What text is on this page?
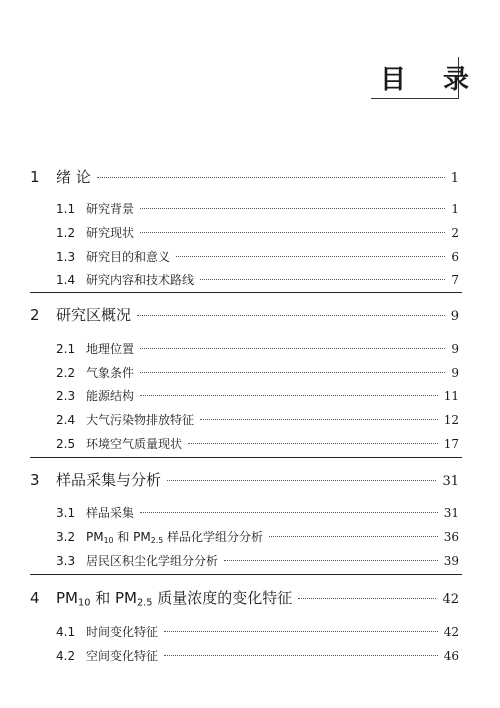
目 录
1	绪 论	1
1.1 研究背景	1
1.2 研究现状	2
1.3 研究目的和意义	6
1.4 研究内容和技术路线	7
2	研究区概况	9
2.1 地理位置	9
2.2 气象条件	9
2.3 能源结构	11
2.4 大气污染物排放特征	12
2.5 环境空气质量现状	17
3	样品采集与分析	31
3.1 样品采集	31
3.2 $PM_{10}$ 和 $PM_{2.5}$ 样品化学组分分析	36
3.3 居民区积尘化学组分分析	39
4	$PM_{10}$ 和 $PM_{2.5}$ 质量浓度的变化特征	42
4.1 时间变化特征	42
4.2 空间变化特征	46
